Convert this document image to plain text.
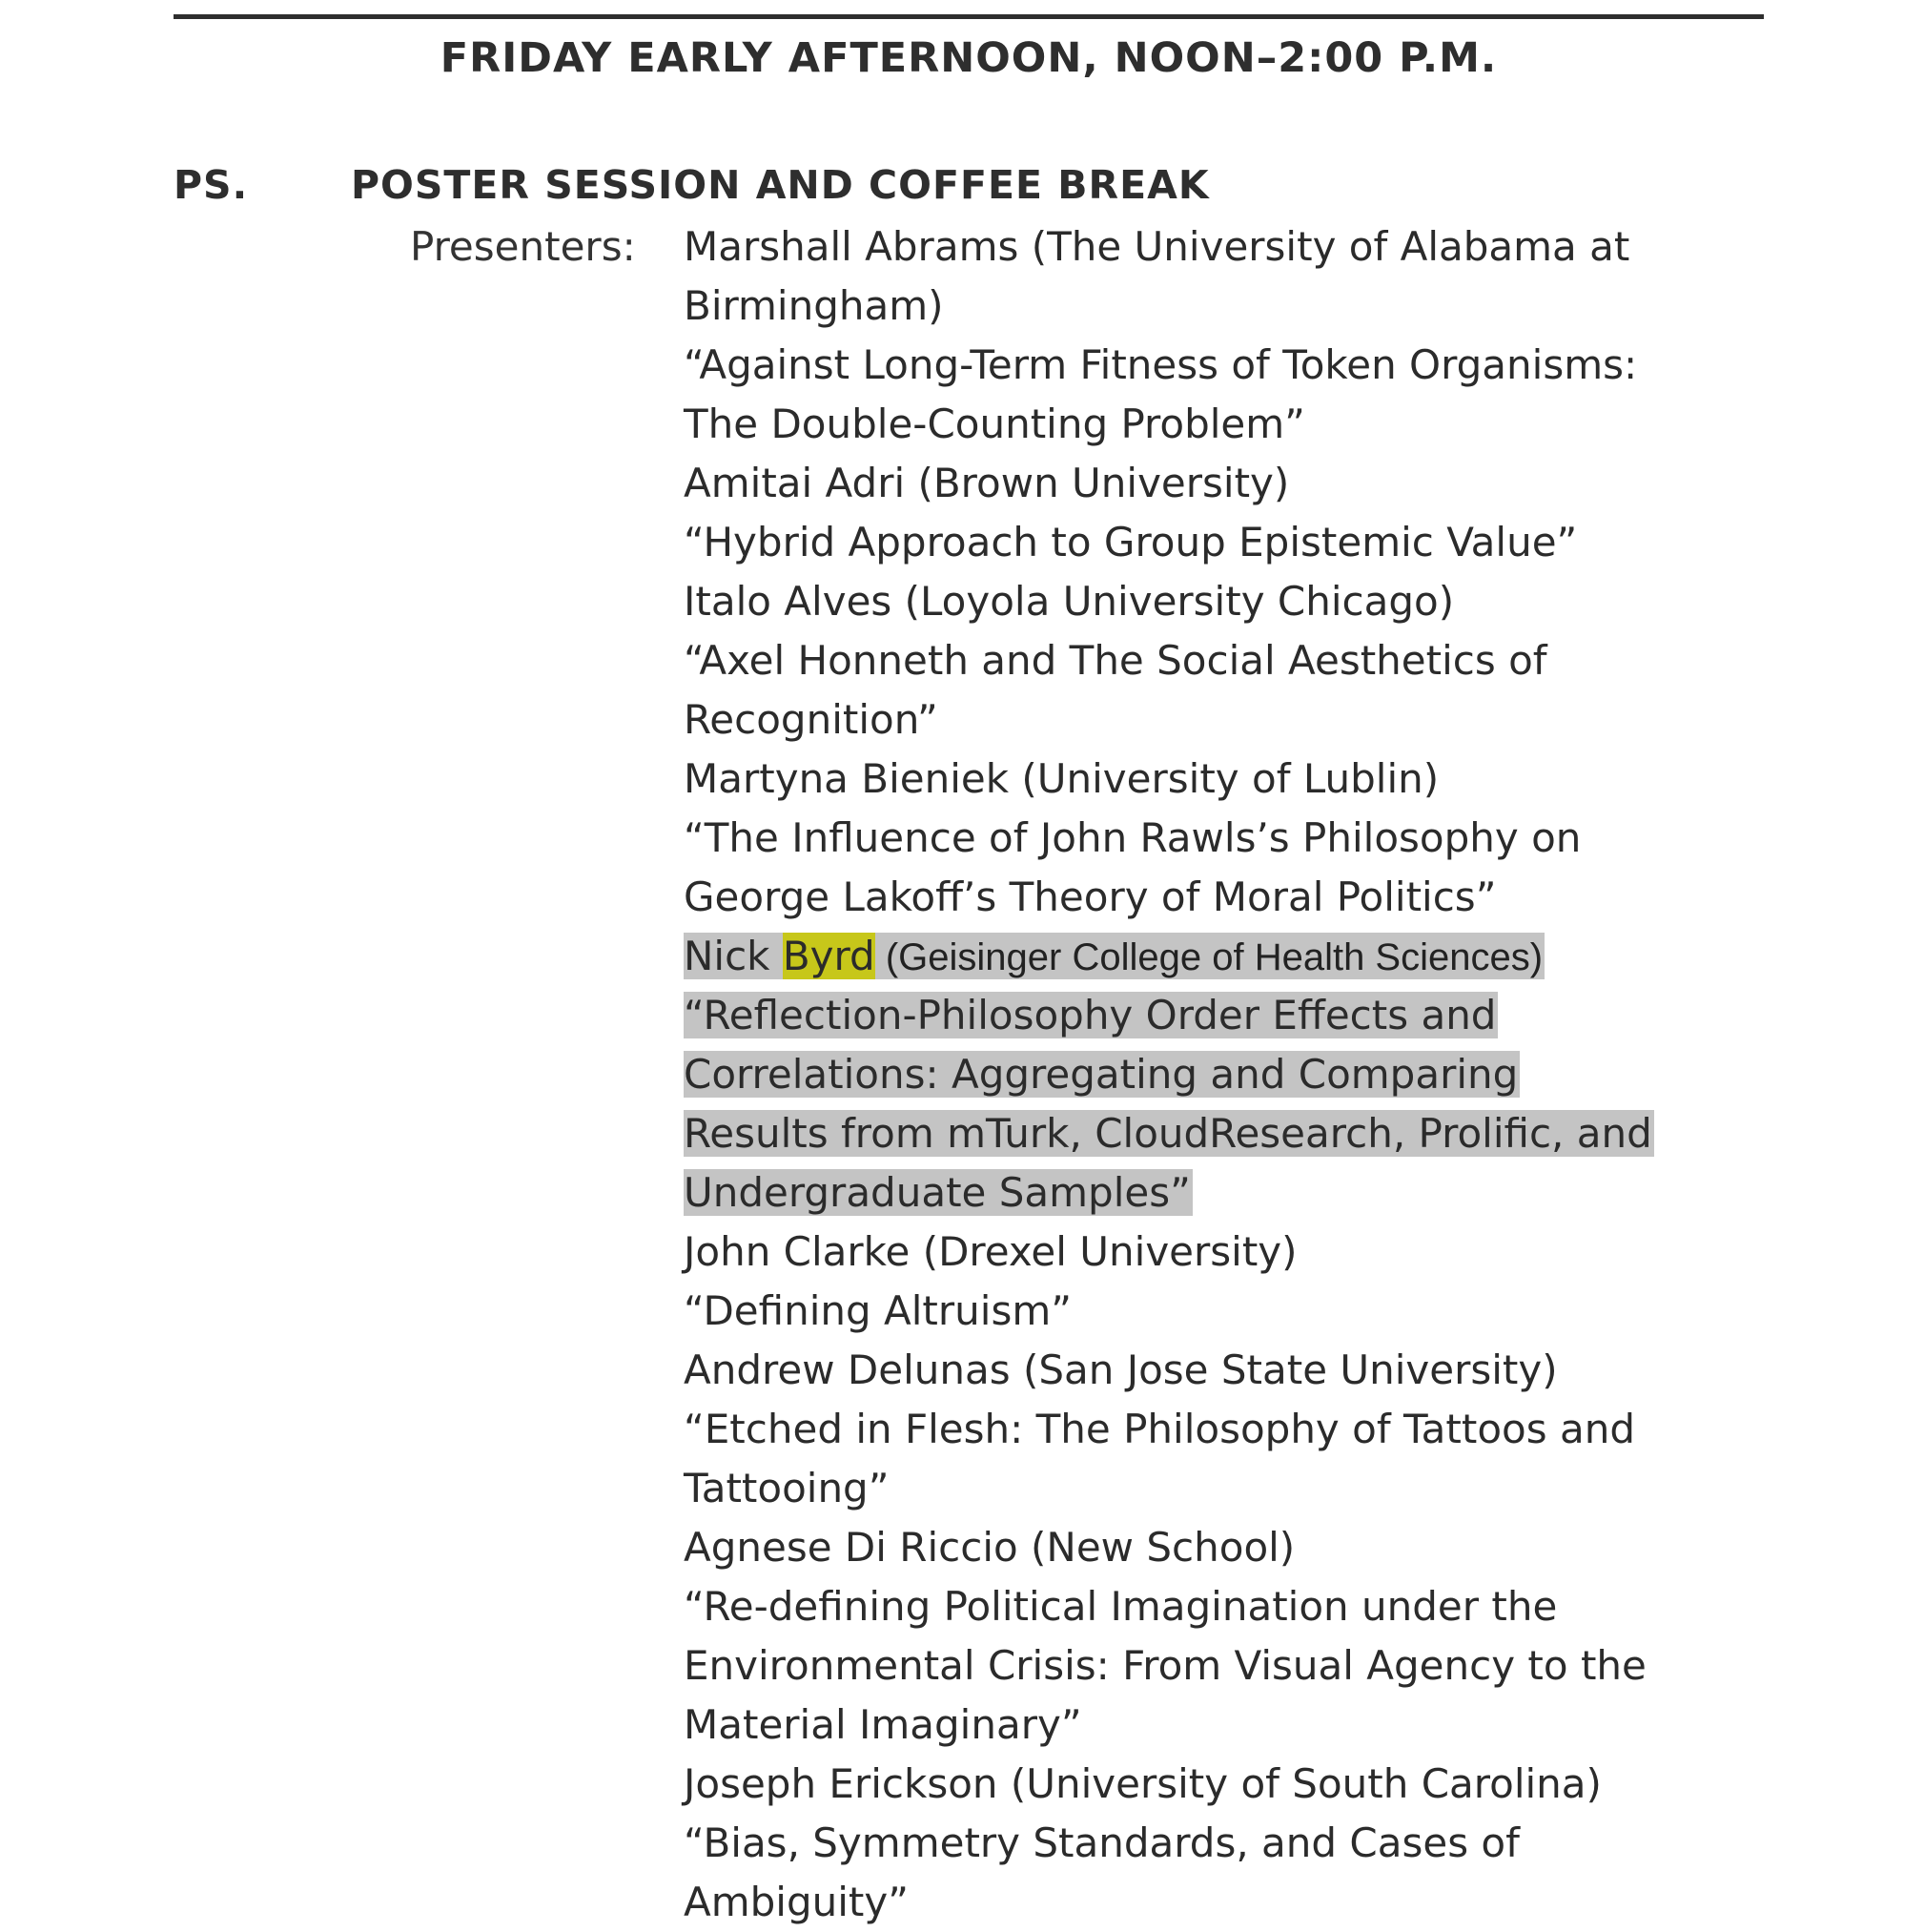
FRIDAY EARLY AFTERNOON, NOON–2:00 P.M.
PS.	POSTER SESSION AND COFFEE BREAK
Presenters: Marshall Abrams (The University of Alabama at
Birmingham)
“Against Long-Term Fitness of Token Organisms:
The Double-Counting Problem”
Amitai Adri (Brown University)
“Hybrid Approach to Group Epistemic Value”
Italo Alves (Loyola University Chicago)
“Axel Honneth and The Social Aesthetics of
Recognition”
Martyna Bieniek (University of Lublin)
“The Influence of John Rawls’s Philosophy on
George Lakoff’s Theory of Moral Politics”
Nick Byrd (Geisinger College of Health Sciences)
“Reflection-Philosophy Order Effects and
Correlations: Aggregating and Comparing
Results from mTurk, CloudResearch, Prolific, and
Undergraduate Samples”
John Clarke (Drexel University)
“Defining Altruism”
Andrew Delunas (San Jose State University)
“Etched in Flesh: The Philosophy of Tattoos and
Tattooing”
Agnese Di Riccio (New School)
“Re-defining Political Imagination under the
Environmental Crisis: From Visual Agency to the
Material Imaginary”
Joseph Erickson (University of South Carolina)
“Bias, Symmetry Standards, and Cases of
Ambiguity”
